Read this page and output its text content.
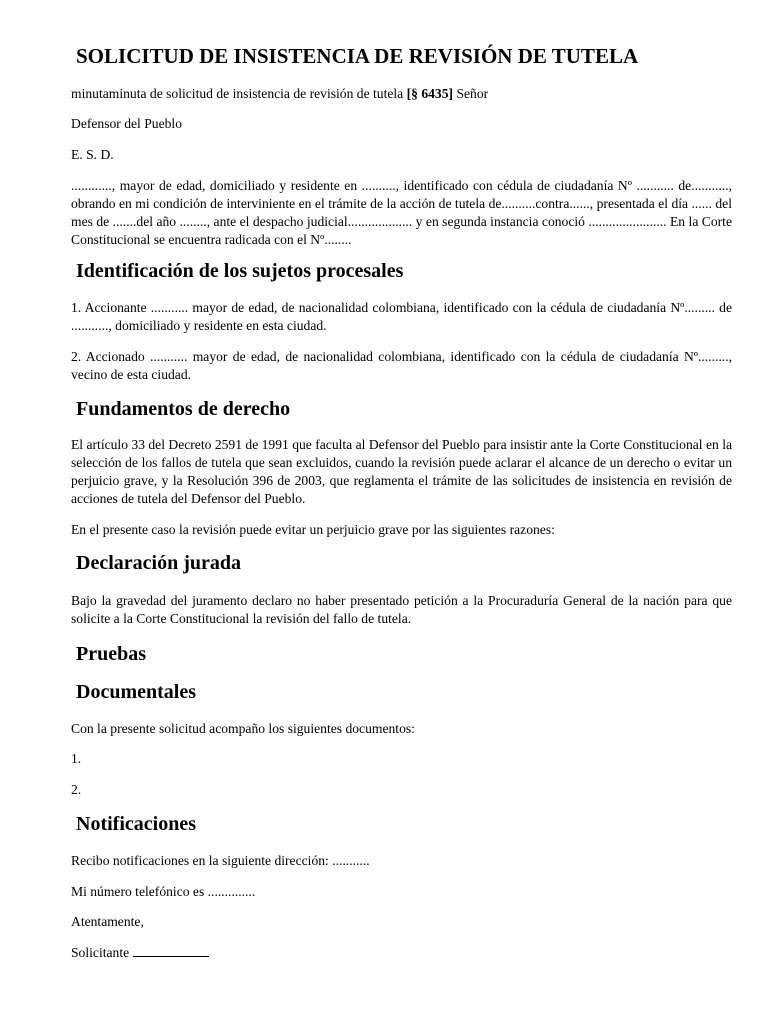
SOLICITUD DE INSISTENCIA DE REVISIÓN DE TUTELA

minutaminuta de solicitud de insistencia de revisión de tutela [§ 6435] Señor

Defensor del Pueblo

E. S. D.

............, mayor de edad, domiciliado y residente en .........., identificado con cédula de ciudadanía Nº ........... de..........., obrando en mi condición de interviniente en el trámite de la acción de tutela de..........contra......, presentada el día ...... del mes de .......del año ........, ante el despacho judicial................... y en segunda instancia conoció ....................... En la Corte Constitucional se encuentra radicada con el Nº........

Identificación de los sujetos procesales

1. Accionante ........... mayor de edad, de nacionalidad colombiana, identificado con la cédula de ciudadanía Nº......... de ..........., domiciliado y residente en esta ciudad.

2. Accionado ........... mayor de edad, de nacionalidad colombiana, identificado con la cédula de ciudadanía Nº........., vecino de esta ciudad.

Fundamentos de derecho

El artículo 33 del Decreto 2591 de 1991 que faculta al Defensor del Pueblo para insistir ante la Corte Constitucional en la selección de los fallos de tutela que sean excluidos, cuando la revisión puede aclarar el alcance de un derecho o evitar un perjuicio grave, y la Resolución 396 de 2003, que reglamenta el trámite de las solicitudes de insistencia en revisión de acciones de tutela del Defensor del Pueblo.

En el presente caso la revisión puede evitar un perjuicio grave por las siguientes razones:

Declaración jurada

Bajo la gravedad del juramento declaro no haber presentado petición a la Procuraduría General de la nación para que solicite a la Corte Constitucional la revisión del fallo de tutela.

Pruebas
Documentales

Con la presente solicitud acompaño los siguientes documentos:

1.

2.

Notificaciones

Recibo notificaciones en la siguiente dirección: ...........

Mi número telefónico es ..............

Atentamente,

Solicitante
